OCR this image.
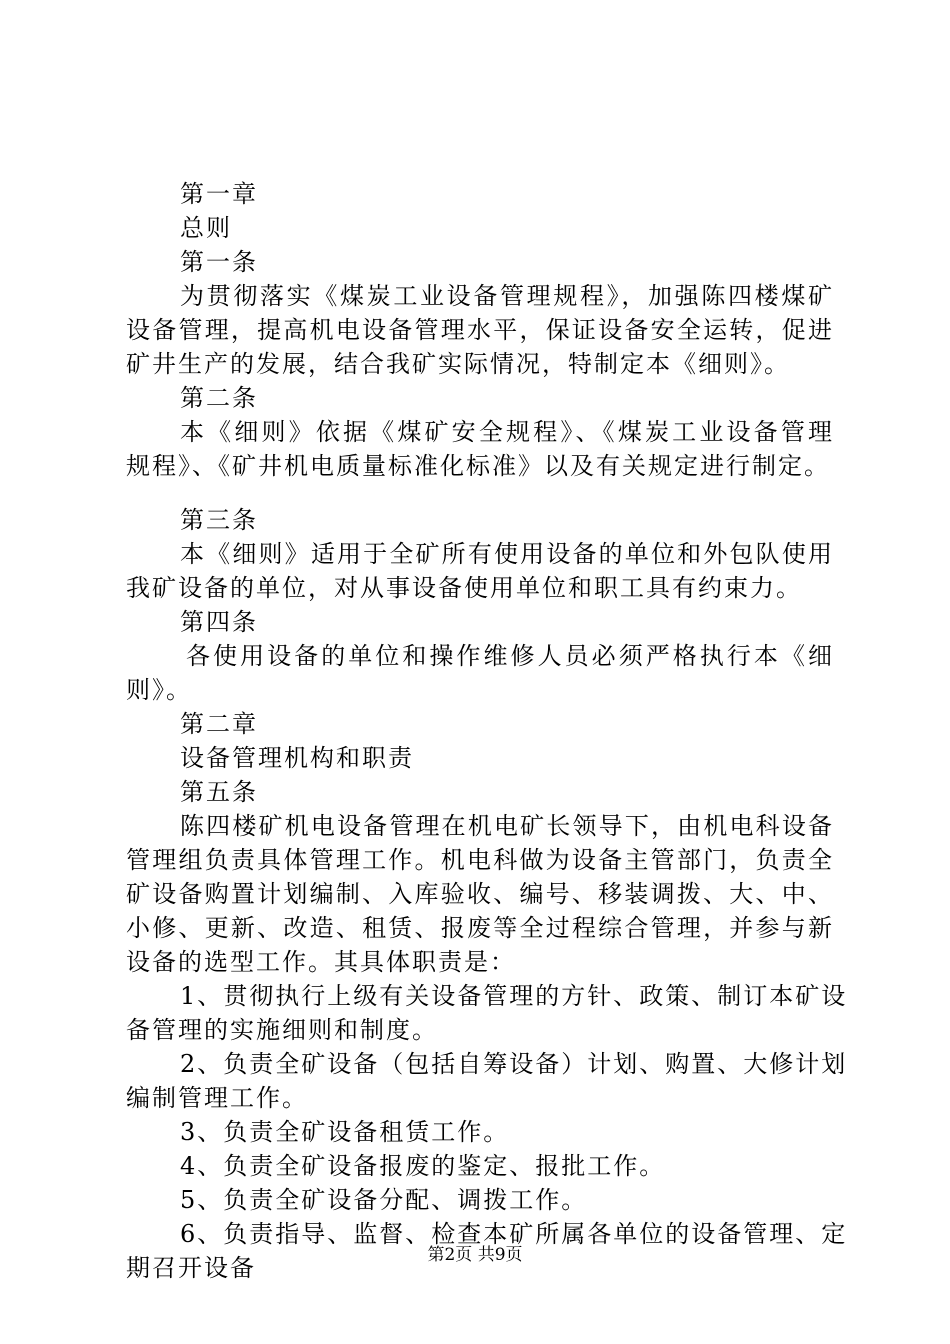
第一章

总则

第一条

为贯彻落实《煤炭工业设备管理规程》，加强陈四楼煤矿

设备管理，提高机电设备管理水平，保证设备安全运转，促进

矿井生产的发展，结合我矿实际情况，特制定本《细则》。

第二条

本《细则》依据《煤矿安全规程》、《煤炭工业设备管理

规程》、《矿井机电质量标准化标准》以及有关规定进行制定。

第三条

本《细则》适用于全矿所有使用设备的单位和外包队使用

我矿设备的单位，对从事设备使用单位和职工具有约束力。

第四条

各使用设备的单位和操作维修人员必须严格执行本《细

则》。

第二章

设备管理机构和职责

第五条

陈四楼矿机电设备管理在机电矿长领导下，由机电科设备

管理组负责具体管理工作。机电科做为设备主管部门，负责全

矿设备购置计划编制、入库验收、编号、移装调拨、大、中、

小修、更新、改造、租赁、报废等全过程综合管理，并参与新

设备的选型工作。其具体职责是：

1、贯彻执行上级有关设备管理的方针、政策、制订本矿设

备管理的实施细则和制度。

2、负责全矿设备（包括自筹设备）计划、购置、大修计划

编制管理工作。

3、负责全矿设备租赁工作。

4、负责全矿设备报废的鉴定、报批工作。

5、负责全矿设备分配、调拨工作。

6、负责指导、监督、检查本矿所属各单位的设备管理、定

期召开设备	第2页 共9页
